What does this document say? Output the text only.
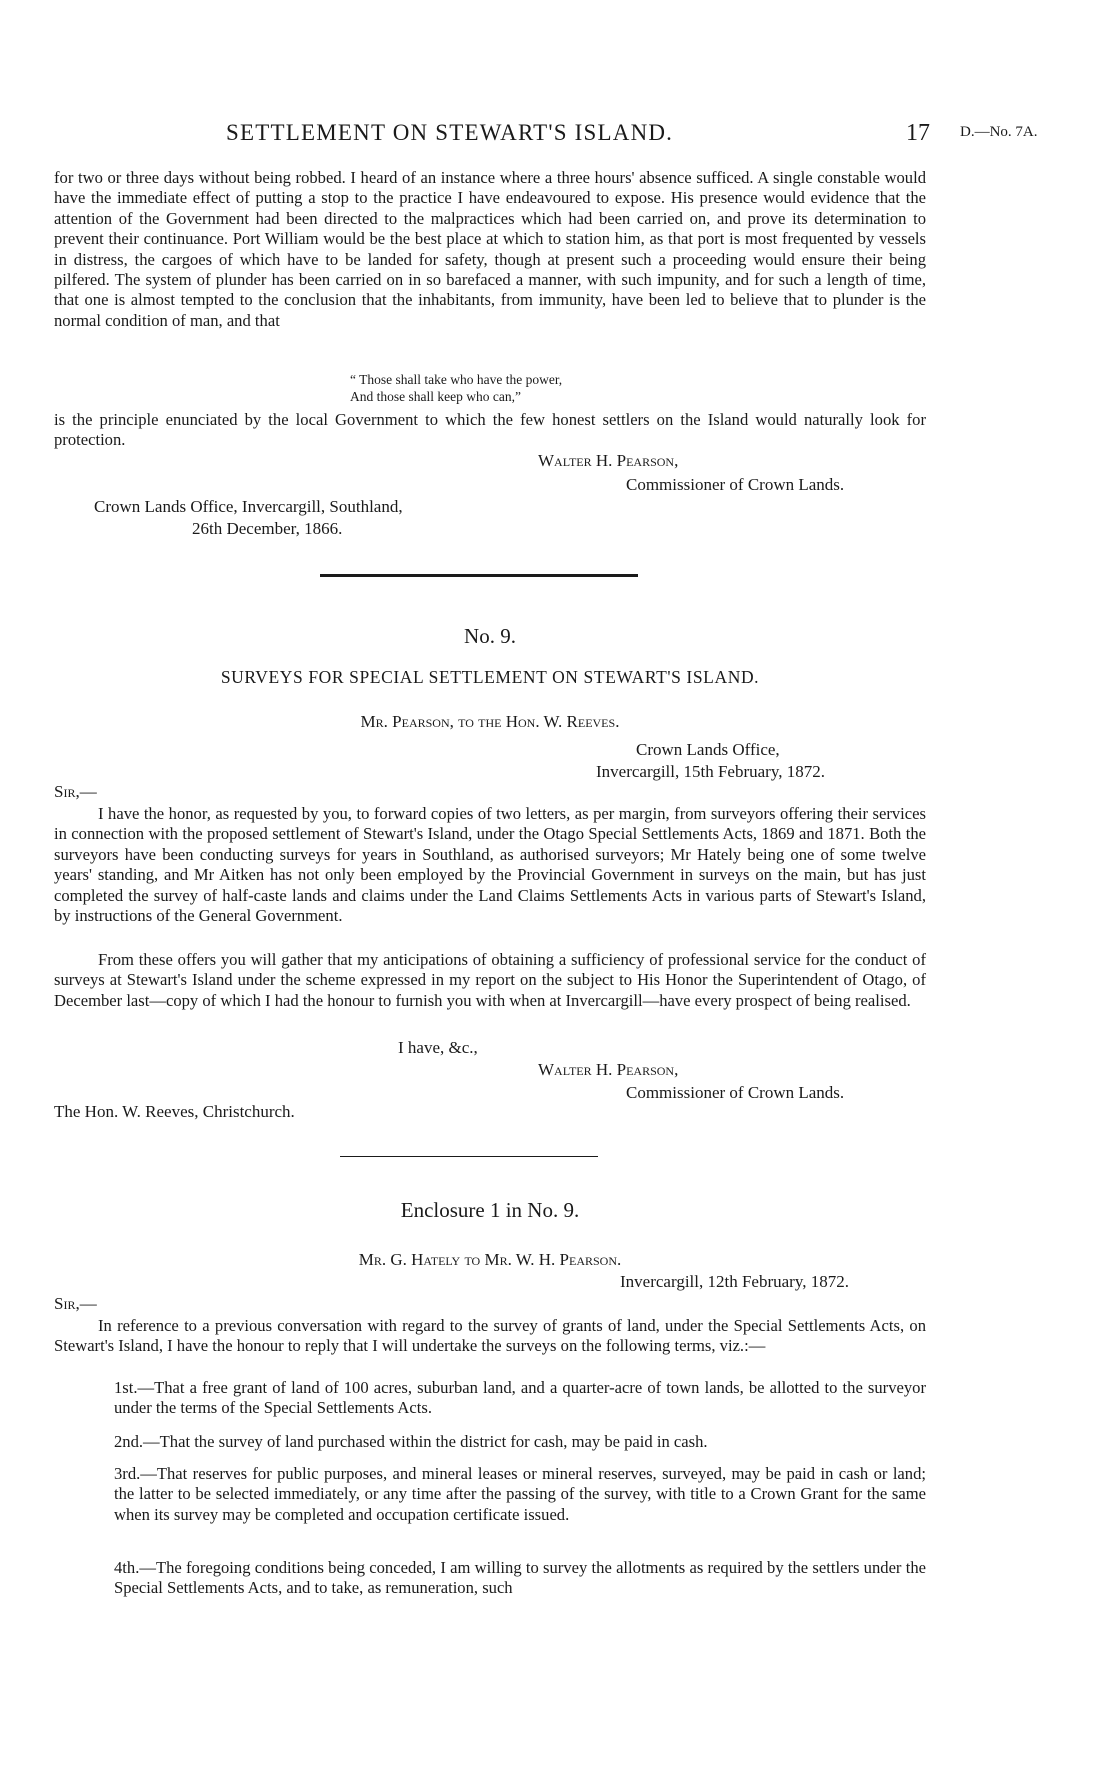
SETTLEMENT ON STEWART'S ISLAND.	17 D.—No. 7A.

for two or three days without being robbed. I heard of an instance where a three hours' absence sufficed. A single constable would have the immediate effect of putting a stop to the practice I have endeavoured to expose. His presence would evidence that the attention of the Government had been directed to the malpractices which had been carried on, and prove its determination to prevent their continuance. Port William would be the best place at which to station him, as that port is most frequented by vessels in distress, the cargoes of which have to be landed for safety, though at present such a proceeding would ensure their being pilfered. The system of plunder has been carried on in so barefaced a manner, with such impunity, and for such a length of time, that one is almost tempted to the conclusion that the inhabitants, from immunity, have been led to believe that to plunder is the normal condition of man, and that

“ Those shall take who have the power,
And those shall keep who can,”

is the principle enunciated by the local Government to which the few honest settlers on the Island would naturally look for protection.

Walter H. Pearson,
Commissioner of Crown Lands.
Crown Lands Office, Invercargill, Southland,
26th December, 1866.
No. 9.
SURVEYS FOR SPECIAL SETTLEMENT ON STEWART'S ISLAND.
Mr. Pearson, to the Hon. W. Reeves.
Crown Lands Office,
Invercargill, 15th February, 1872.
Sir,—

I have the honor, as requested by you, to forward copies of two letters, as per margin, from surveyors offering their services in connection with the proposed settlement of Stewart's Island, under the Otago Special Settlements Acts, 1869 and 1871. Both the surveyors have been conducting surveys for years in Southland, as authorised surveyors; Mr Hately being one of some twelve years' standing, and Mr Aitken has not only been employed by the Provincial Government in surveys on the main, but has just completed the survey of half-caste lands and claims under the Land Claims Settlements Acts in various parts of Stewart's Island, by instructions of the General Government.

From these offers you will gather that my anticipations of obtaining a sufficiency of professional service for the conduct of surveys at Stewart's Island under the scheme expressed in my report on the subject to His Honor the Superintendent of Otago, of December last—copy of which I had the honour to furnish you with when at Invercargill—have every prospect of being realised.

I have, &c.,
Walter H. Pearson,
Commissioner of Crown Lands.
The Hon. W. Reeves, Christchurch.
Enclosure 1 in No. 9.
Mr. G. Hately to Mr. W. H. Pearson.
Invercargill, 12th February, 1872.
Sir,—

In reference to a previous conversation with regard to the survey of grants of land, under the Special Settlements Acts, on Stewart's Island, I have the honour to reply that I will undertake the surveys on the following terms, viz.:—

1st.—That a free grant of land of 100 acres, suburban land, and a quarter-acre of town lands, be allotted to the surveyor under the terms of the Special Settlements Acts.

2nd.—That the survey of land purchased within the district for cash, may be paid in cash.

3rd.—That reserves for public purposes, and mineral leases or mineral reserves, surveyed, may be paid in cash or land; the latter to be selected immediately, or any time after the passing of the survey, with title to a Crown Grant for the same when its survey may be completed and occupation certificate issued.

4th.—The foregoing conditions being conceded, I am willing to survey the allotments as required by the settlers under the Special Settlements Acts, and to take, as remuneration, such
